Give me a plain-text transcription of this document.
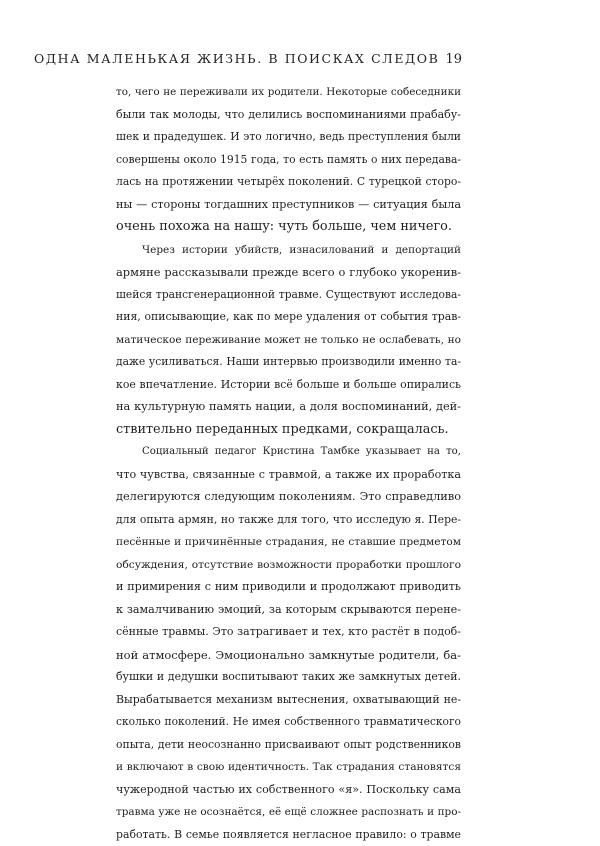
ОДНА МАЛЕНЬКАЯ ЖИЗНЬ. В ПОИСКАХ СЛЕДОВ 19
то, чего не переживали их родители. Некоторые собеседники
были так молоды, что делились воспоминаниями прабабу-
шек и прадедушек. И это логично, ведь преступления были
совершены около 1915 года, то есть память о них передава-
лась на протяжении четырёх поколений. С турецкой сторо-
ны — стороны тогдашних преступников — ситуация была
очень похожа на нашу: чуть больше, чем ничего.
Через истории убийств, изнасилований и депортаций
армяне рассказывали прежде всего о глубоко укоренив-
шейся трансгенерационной травме. Существуют исследова-
ния, описывающие, как по мере удаления от события трав-
матическое переживание может не только не ослабевать, но
даже усиливаться. Наши интервью производили именно та-
кое впечатление. Истории всё больше и больше опирались
на культурную память нации, а доля воспоминаний, дей-
ствительно переданных предками, сокращалась.
Социальный педагог Кристина Тамбке указывает на то,
что чувства, связанные с травмой, а также их проработка
делегируются следующим поколениям. Это справедливо
для опыта армян, но также для того, что исследую я. Пере-
песённые и причинённые страдания, не ставшие предметом
обсуждения, отсутствие возможности проработки прошлого
и примирения с ним приводили и продолжают приводить
к замалчиванию эмоций, за которым скрываются перене-
сённые травмы. Это затрагивает и тех, кто растёт в подоб-
ной атмосфере. Эмоционально замкнутые родители, ба-
бушки и дедушки воспитывают таких же замкнутых детей.
Вырабатывается механизм вытеснения, охватывающий не-
сколько поколений. Не имея собственного травматического
опыта, дети неосознанно присваивают опыт родственников
и включают в свою идентичность. Так страдания становятся
чужеродной частью их собственного «я». Поскольку сама
травма уже не осознаётся, её ещё сложнее распознать и про-
работать. В семье появляется негласное правило: о травме
